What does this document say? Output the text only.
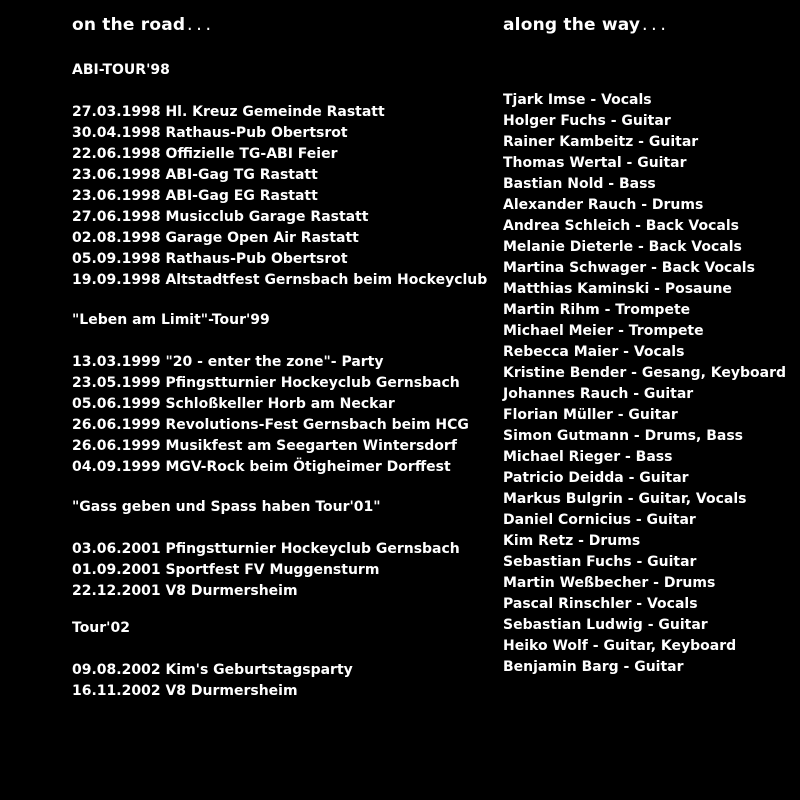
on the road...
ABI-TOUR'98
27.03.1998 Hl. Kreuz Gemeinde Rastatt
30.04.1998 Rathaus-Pub Obertsrot
22.06.1998 Offizielle TG-ABI Feier
23.06.1998 ABI-Gag TG Rastatt
23.06.1998 ABI-Gag EG Rastatt
27.06.1998 Musicclub Garage Rastatt
02.08.1998 Garage Open Air Rastatt
05.09.1998 Rathaus-Pub Obertsrot
19.09.1998 Altstadtfest Gernsbach beim Hockeyclub
"Leben am Limit"-Tour'99
13.03.1999 "20 - enter the zone"- Party
23.05.1999 Pfingstturnier Hockeyclub Gernsbach
05.06.1999 Schloßkeller Horb am Neckar
26.06.1999 Revolutions-Fest Gernsbach beim HCG
26.06.1999 Musikfest am Seegarten Wintersdorf
04.09.1999 MGV-Rock beim Ötigheimer Dorffest
"Gass geben und Spass haben Tour'01"
03.06.2001 Pfingstturnier Hockeyclub Gernsbach
01.09.2001 Sportfest FV Muggensturm
22.12.2001 V8 Durmersheim
Tour'02
09.08.2002 Kim's Geburtstagsparty
16.11.2002 V8 Durmersheim
along the way...
Tjark Imse - Vocals
Holger Fuchs - Guitar
Rainer Kambeitz - Guitar
Thomas Wertal - Guitar
Bastian Nold - Bass
Alexander Rauch - Drums
Andrea Schleich - Back Vocals
Melanie Dieterle - Back Vocals
Martina Schwager - Back Vocals
Matthias Kaminski - Posaune
Martin Rihm - Trompete
Michael Meier - Trompete
Rebecca Maier - Vocals
Kristine Bender - Gesang, Keyboard
Johannes Rauch - Guitar
Florian Müller - Guitar
Simon Gutmann - Drums, Bass
Michael Rieger - Bass
Patricio Deidda - Guitar
Markus Bulgrin - Guitar, Vocals
Daniel Cornicius - Guitar
Kim Retz - Drums
Sebastian Fuchs - Guitar
Martin Weßbecher - Drums
Pascal Rinschler - Vocals
Sebastian Ludwig - Guitar
Heiko Wolf - Guitar, Keyboard
Benjamin Barg - Guitar
